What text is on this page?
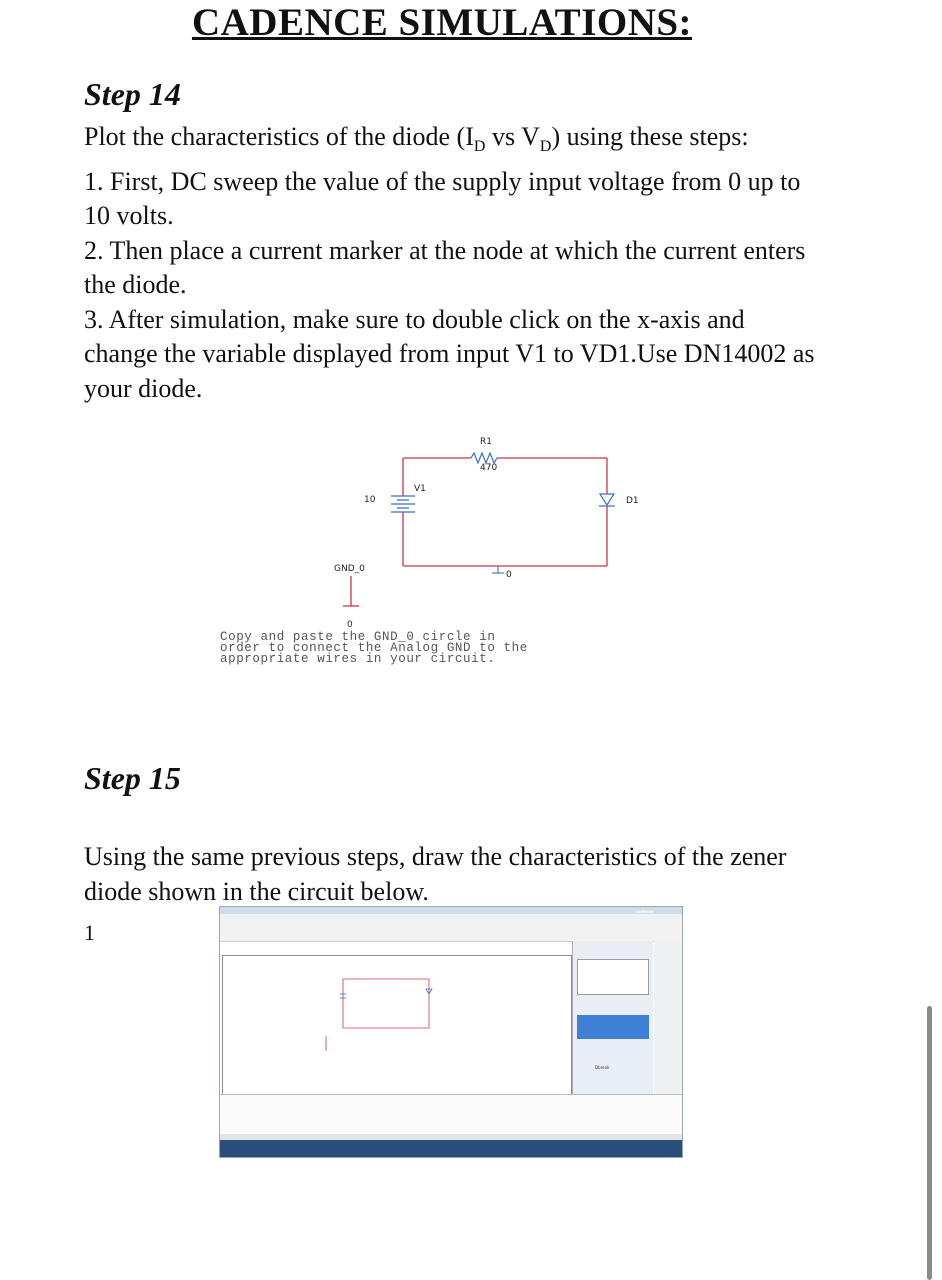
CADENCE SIMULATIONS:
Step 14
Plot the characteristics of the diode ($I_D$ vs $V_D$) using these steps:
1. First, DC sweep the value of the supply input voltage from 0 up to 10 volts.
2. Then place a current marker at the node at which the current enters the diode.
3. After simulation, make sure to double click on the x-axis and change the variable displayed from input V1 to VD1.Use DN14002 as your diode.
R1
470
V1
10	D1
GND_0
0
0
Copy and paste the GND_0 circle in
order to connect the Analog GND to the
appropriate wires in your circuit.
Step 15
Using the same previous steps, draw the characteristics of the zener diode shown in the circuit below.
cadence
Dbreak
1
